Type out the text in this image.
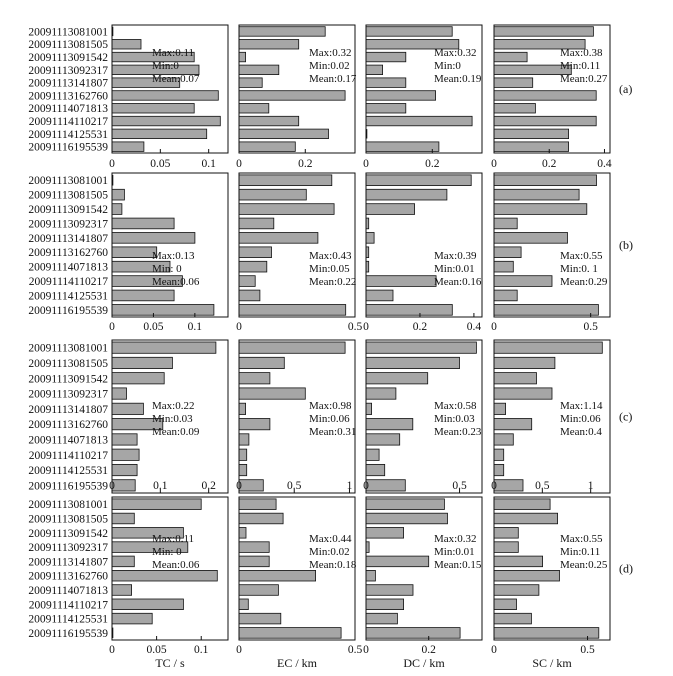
0	0.05	0.1
Max:0.11
Min:0
Mean:0.07
0	0.2
Max:0.32
Min:0.02
Mean:0.17
0	0.2
Max:0.32
Min:0
Mean:0.19
0	0.2	0.4
Max:0.38
Min:0.11
Mean:0.27
0 0.05 0.1
Max:0.13
Min: 0
Mean:0.06
0	0.5
Max:0.43
Min:0.05
Mean:0.22
0	0.2	0.4
Max:0.39
Min:0.01
Mean:0.16
0	0.5
Max:0.55
Min:0. 1
Mean:0.29
0	0.1	0.2
Max:0.22
Min:0.03
Mean:0.09
0	0.5	1
Max:0.98
Min:0.06
Mean:0.31
0	0.5
Max:0.58
Min:0.03
Mean:0.23
0	0.5	1
Max:1.14
Min:0.06
Mean:0.4
0	0.05 0.1
Max:0.11
Min: 0
Mean:0.06
0	0.5
Max:0.44
Min:0.02
Mean:0.18
0	0.2
Max:0.32
Min:0.01
Mean:0.15
0	0.5
Max:0.55
Min:0.11
Mean:0.25
20091113081001
20091113081505
20091113091542
20091113092317
20091113141807
20091113162760
20091114071813
20091114110217
20091114125531
20091116195539
20091113081001
20091113081505
20091113091542
20091113092317
20091113141807
20091113162760
20091114071813
20091114110217
20091114125531
20091116195539
20091113081001
20091113081505
20091113091542
20091113092317
20091113141807
20091113162760
20091114071813
20091114110217
20091114125531
20091116195539
20091113081001
20091113081505
20091113091542
20091113092317
20091113141807
20091113162760
20091114071813
20091114110217
20091114125531
20091116195539
(a)
(b)
(c)
(d)
TC / s	EC / km	DC / km	SC / km
